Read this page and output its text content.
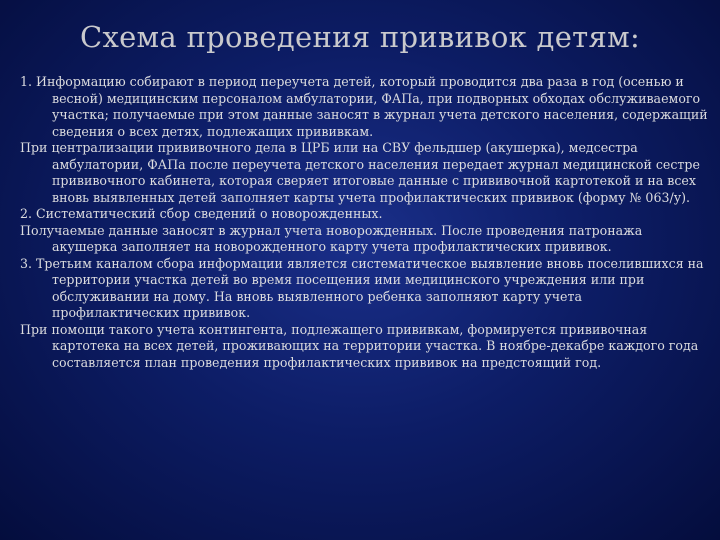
Схема проведения прививок детям:

1. Информацию собирают в период переучета детей, который проводится два раза в год (осенью и весной) медицинским персоналом амбулатории, ФАПа, при подворных обходах обслуживаемого участка; получаемые при этом данные заносят в журнал учета детского населения, содержащий сведения о всех детях, подлежащих прививкам.

При централизации прививочного дела в ЦРБ или на СВУ фельдшер (акушерка), медсестра амбулатории, ФАПа после переучета детского населения передает журнал медицинской сестре прививочного кабинета, которая сверяет итоговые данные с прививочной картотекой и на всех вновь выявленных детей заполняет карты учета профилактических прививок (форму № 063/у).

2. Систематический сбор сведений о новорожденных.

Получаемые данные заносят в журнал учета новорожденных. После проведения патронажа акушерка заполняет на новорожденного карту учета профилактических прививок.

3. Третьим каналом сбора информации является систематическое выявление вновь поселившихся на территории участка детей во время посещения ими медицинского учреждения или при обслуживании на дому. На вновь выявленного ребенка заполняют карту учета профилактических прививок.

При помощи такого учета контингента, подлежащего прививкам, формируется прививочная картотека на всех детей, проживающих на территории участка. В ноябре-декабре каждого года составляется план проведения профилактических прививок на предстоящий год.
